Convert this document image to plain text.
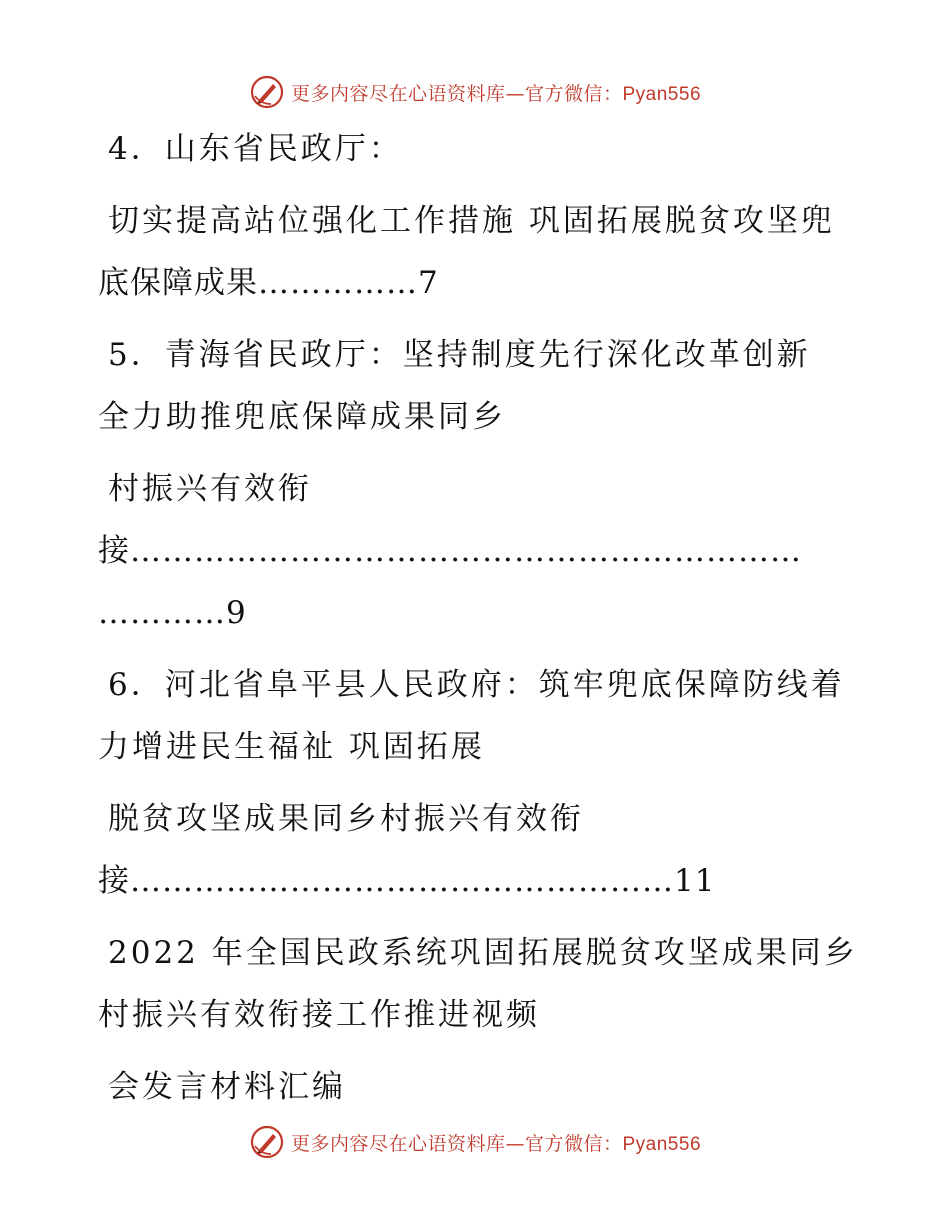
更多内容尽在心语资料库—官方微信：Pyan556
4．山东省民政厅：
切实提高站位强化工作措施 巩固拓展脱贫攻坚兜
底保障成果……………7
5．青海省民政厅：坚持制度先行深化改革创新
全力助推兜底保障成果同乡
村振兴有效衔
接………………………………………………………
…………9
6．河北省阜平县人民政府：筑牢兜底保障防线着
力增进民生福祉 巩固拓展
脱贫攻坚成果同乡村振兴有效衔
接……………………………………………11
2022 年全国民政系统巩固拓展脱贫攻坚成果同乡
村振兴有效衔接工作推进视频
会发言材料汇编
更多内容尽在心语资料库—官方微信：Pyan556
